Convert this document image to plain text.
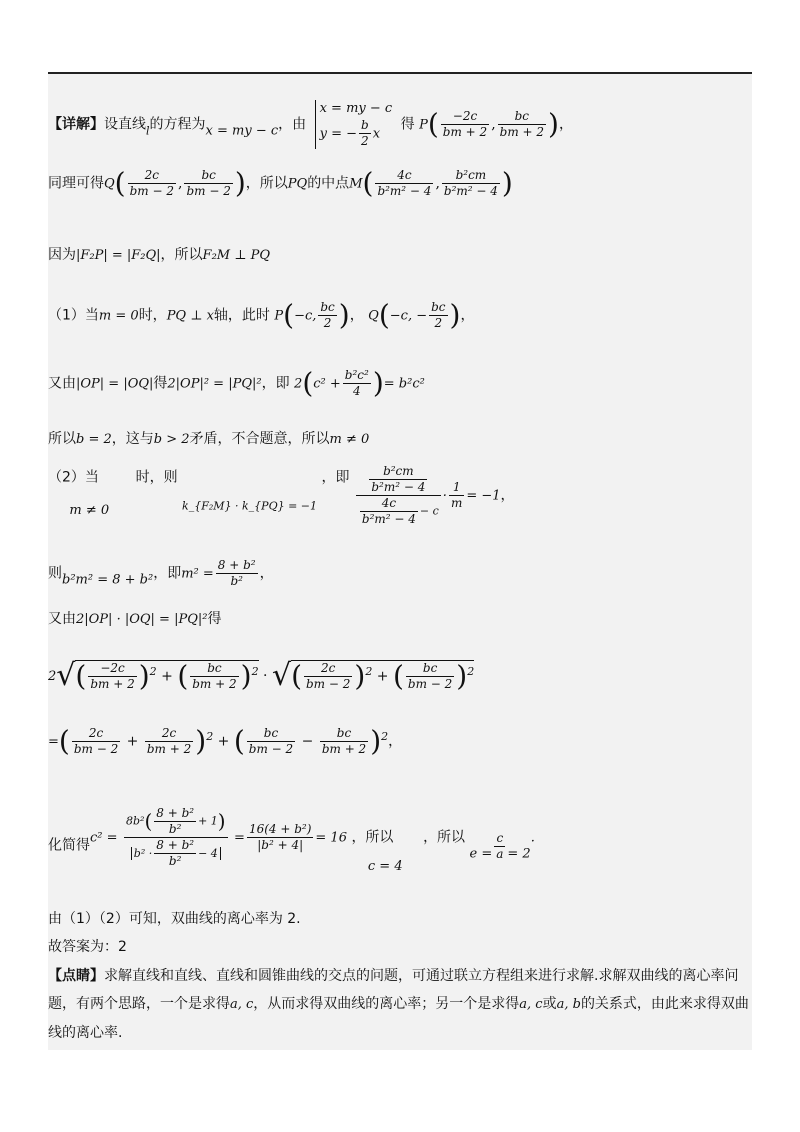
【详解】设直线$_l$的方程为x = my − c，由
x = my − c
y = − $\frac{b}{2}$ x
得 $P( \frac{-2c}{bm + 2}$ , $\frac{bc}{bm + 2}$ )，
同理可得$Q( \frac{2c}{bm - 2}$ , $\frac{bc}{bm - 2}$ )，所以PQ的中点$M( \frac{4c}{\text{b²m² − 4}}$ , $\frac{\text{b²cm}}{\text{b²m² − 4}}$ )
因为|F₂P| = |F₂Q|，所以F₂M ⊥ PQ
（1）当m = 0时，PQ ⊥ x轴，此时 P(−c, $\frac{bc}{2}$ )， Q(−c, − $\frac{bc}{2}$ )，
又由|OP| = |OQ|得2|OP|² = |PQ|²，即 $2(c^2 + \frac{\text{b²c²}}{4}$ )= b²c²
所以b = 2，这与b > 2矛盾，不合题意，所以m ≠ 0
（2）当 m ≠ 0 时，则 $_{k\_\{F_2M\} \cdot k\_\{PQ\} = -1}$ ，即 $\frac{\frac{\text{b²cm}}{\text{b²m² − 4}}}{\frac{4c}{\text{b²m² − 4}} - c} \cdot \frac{1}{m} = -1$，
则b²m² = 8 + b²，即$m^2 = \frac{\text{8 + b²}}{\text{b²}}$ ，
又由2|OP| · |OQ| = |PQ|²得
$2√( \frac{-2c}{bm + 2} )^2$ + ( $\frac{bc}{bm + 2} )^2$ · √( $\frac{2c}{bm - 2} )^2$ + ( $\frac{bc}{bm - 2} )^2$
=( $\frac{2c}{bm - 2} + \frac{2c}{bm + 2} )^2$ + ( $\frac{bc}{bm - 2} - \frac{bc}{bm + 2} )^2$，
化简得$c^2 = \frac{8b^2( \frac{\text{8 + b²}}{\text{b²}} + 1)}{b^2 \cdot \frac{\text{8 + b²}}{\text{b²}} - 4} = \frac{\text{16(4 + b²)}}{\text{|b² + 4|}} = 16$ ，所以 c = 4 ，所以 $e = \frac{c}{a} = 2$.
由（1）（2）可知，双曲线的离心率为 2.
故答案为：2
【点睛】求解直线和直线、直线和圆锥曲线的交点的问题，可通过联立方程组来进行求解.求解双曲线的离心率问题，有两个思路，一个是求得a, c，从而求得双曲线的离心率；另一个是求得a, c或a, b的关系式，由此来求得双曲线的离心率.
